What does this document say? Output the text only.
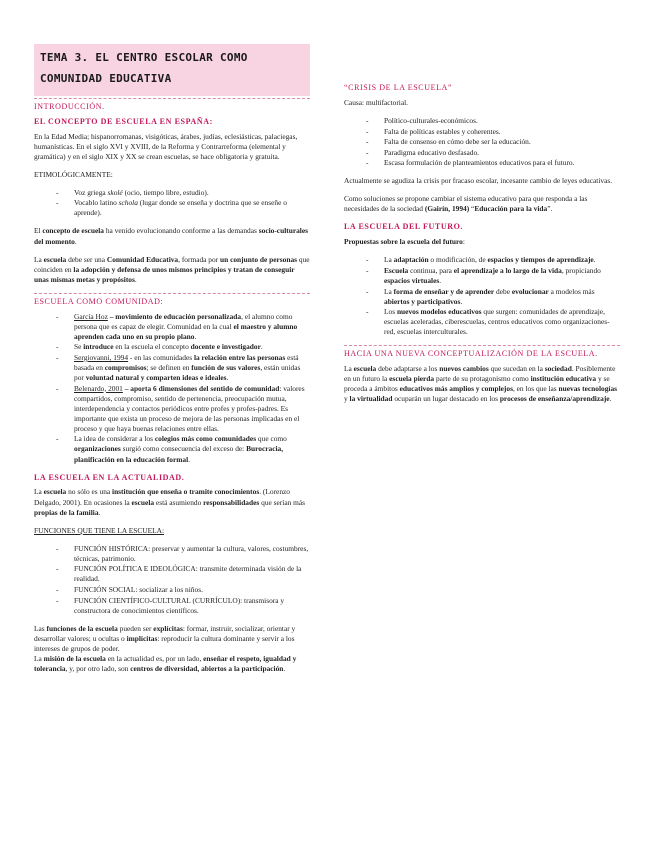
TEMA 3. EL CENTRO ESCOLAR COMO
COMUNIDAD EDUCATIVA
INTRODUCCIÓN.
EL CONCEPTO DE ESCUELA EN ESPAÑA:

En la Edad Media; hispanorromanas, visigóticas, árabes, judías, eclesiásticas, palaciegas, humanísticas. En el siglo XVI y XVIII, de la Reforma y Contrarreforma (elemental y gramática) y en el siglo XIX y XX se crean escuelas, se hace obligatoria y gratuita.

ETIMOLÓGICAMENTE:
- Voz griega skolé (ocio, tiempo libre, estudio).
- Vocablo latino schola (lugar donde se enseña y doctrina que se enseñe o aprende).

El concepto de escuela ha venido evolucionando conforme a las demandas socio-culturales del momento.

La escuela debe ser una Comunidad Educativa, formada por un conjunto de personas que coinciden en la adopción y defensa de unos mismos principios y tratan de conseguir unas mismas metas y propósitos.

ESCUELA COMO COMUNIDAD:
- García Hoz – movimiento de educación personalizada, el alumno como persona que es capaz de elegir. Comunidad en la cual el maestro y alumno aprenden cada uno en su propio plano.
- Se introduce en la escuela el concepto docente e investigador.
- Sergiovanni, 1994 - en las comunidades la relación entre las personas está basada en compromisos; se definen en función de sus valores, están unidas por voluntad natural y comparten ideas e ideales.
- Belenardo, 2001 – aporta 6 dimensiones del sentido de comunidad: valores compartidos, compromiso, sentido de pertenencia, preocupación mutua, interdependencia y contactos periódicos entre profes y profes-padres. Es importante que exista un proceso de mejora de las personas implicadas en el proceso y que haya buenas relaciones entre ellas.
- La idea de considerar a los colegios más como comunidades que como organizaciones surgió como consecuencia del exceso de: Burocracia, planificación en la educación formal.
LA ESCUELA EN LA ACTUALIDAD.

La escuela no sólo es una institución que enseña o tramite conocimientos. (Lorenzo Delgado, 2001). En ocasiones la escuela está asumiendo responsabilidades que serían más propias de la familia.

FUNCIONES QUE TIENE LA ESCUELA:
- FUNCIÓN HISTÓRICA: preservar y aumentar la cultura, valores, costumbres, técnicas, patrimonio.
- FUNCIÓN POLÍTICA E IDEOLÓGICA: transmite determinada visión de la realidad.
- FUNCIÓN SOCIAL: socializar a los niños.
- FUNCIÓN CIENTÍFICO-CULTURAL (CURRÍCULO): transmisora y constructora de conocimientos científicos.

Las funciones de la escuela pueden ser explícitas: formar, instruir, socializar, orientar y desarrollar valores; u ocultas o implícitas: reproducir la cultura dominante y servir a los intereses de grupos de poder.

La misión de la escuela en la actualidad es, por un lado, enseñar el respeto, igualdad y tolerancia, y, por otro lado, son centros de diversidad, abiertos a la participación.

“CRISIS DE LA ESCUELA”

Causa: multifactorial.

- Político-culturales-económicos.
- Falta de políticas estables y coherentes.
- Falta de consenso en cómo debe ser la educación.
- Paradigma educativo desfasado.
- Escasa formulación de planteamientos educativos para el futuro.

Actualmente se agudiza la crisis por fracaso escolar, incesante cambio de leyes educativas.

Como soluciones se propone cambiar el sistema educativo para que responda a las necesidades de la sociedad (Gairín, 1994) “Educación para la vida”.

LA ESCUELA DEL FUTURO.

Propuestas sobre la escuela del futuro:

- La adaptación o modificación, de espacios y tiempos de aprendizaje.
- Escuela continua, para el aprendizaje a lo largo de la vida, propiciando espacios virtuales.
- La forma de enseñar y de aprender debe evolucionar a modelos más abiertos y participativos.
- Los nuevos modelos educativos que surgen: comunidades de aprendizaje, escuelas aceleradas, ciberescuelas, centros educativos como organizaciones-red, escuelas interculturales.
HACIA UNA NUEVA CONCEPTUALIZACIÓN DE LA ESCUELA.

La escuela debe adaptarse a los nuevos cambios que sucedan en la sociedad. Posiblemente en un futuro la escuela pierda parte de su protagonismo como institución educativa y se proceda a ámbitos educativos más amplios y complejos, en los que las nuevas tecnologías y la virtualidad ocuparán un lugar destacado en los procesos de enseñanza/aprendizaje.
